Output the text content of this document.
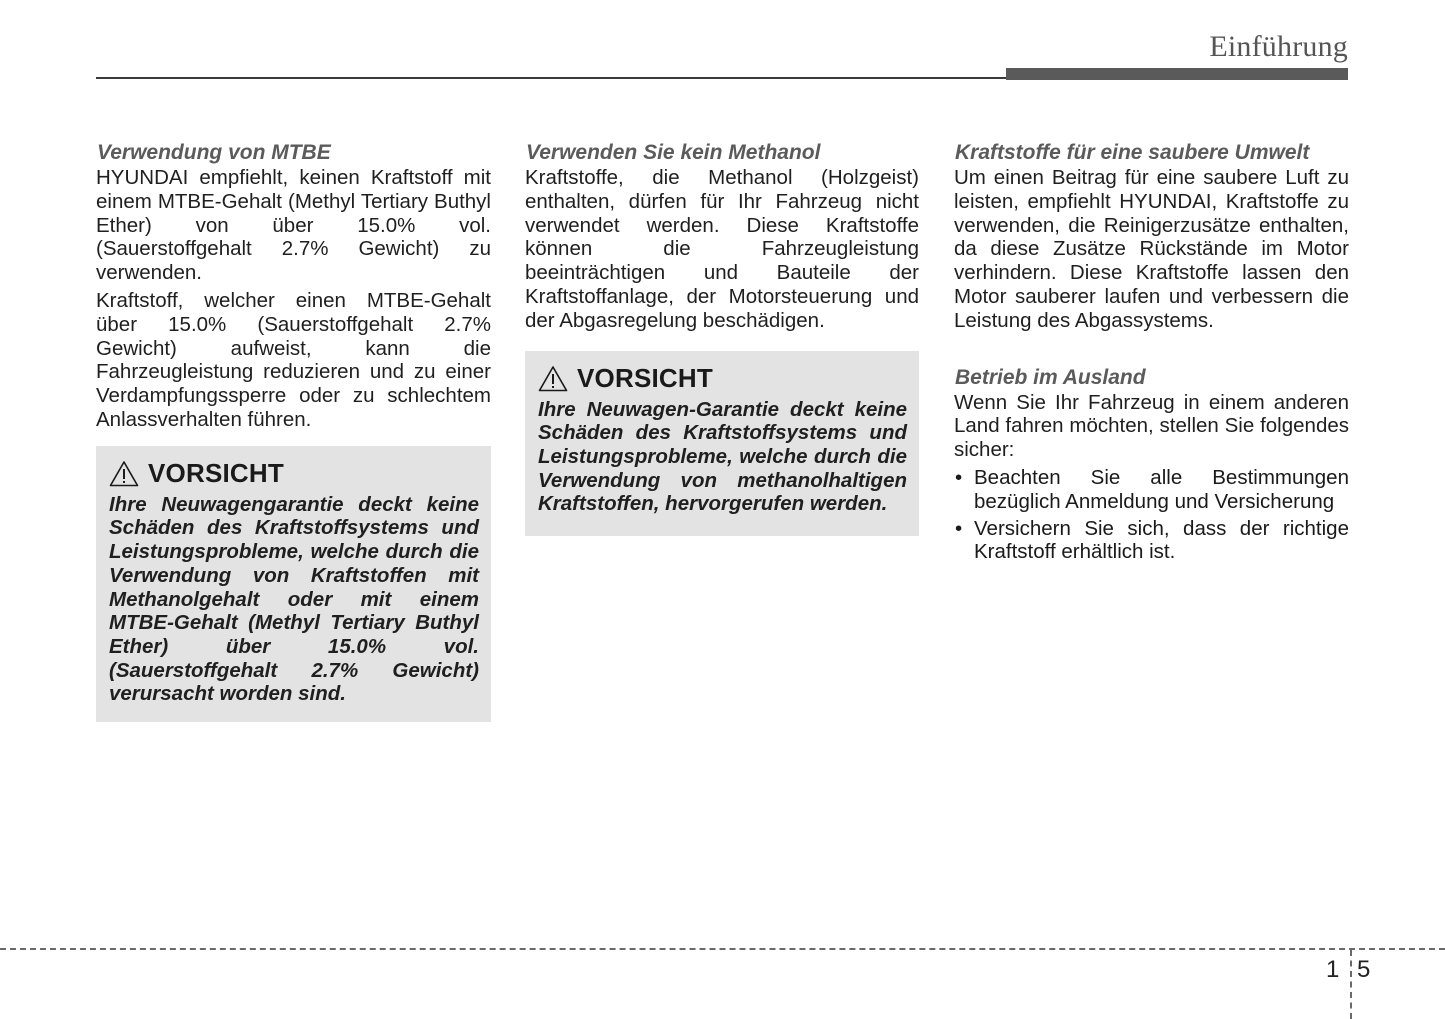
Einführung
Verwendung von MTBE

HYUNDAI empfiehlt, keinen Kraftstoff mit einem MTBE-Gehalt (Methyl Tertiary Buthyl Ether) von über 15.0% vol. (Sauerstoffgehalt 2.7% Gewicht) zu verwenden.

Kraftstoff, welcher einen MTBE-Gehalt über 15.0% (Sauerstoffgehalt 2.7% Gewicht) aufweist, kann die Fahrzeugleistung reduzieren und zu einer Verdampfungssperre oder zu schlechtem Anlassverhalten führen.

VORSICHT
Ihre Neuwagengarantie deckt keine Schäden des Kraftstoffsystems und Leistungsprobleme, welche durch die Verwendung von Kraftstoffen mit Methanolgehalt oder mit einem MTBE-Gehalt (Methyl Tertiary Buthyl Ether) über 15.0% vol. (Sauerstoffgehalt 2.7% Gewicht) verursacht worden sind.
Verwenden Sie kein Methanol

Kraftstoffe, die Methanol (Holzgeist) enthalten, dürfen für Ihr Fahrzeug nicht verwendet werden. Diese Kraftstoffe können die Fahrzeugleistung beeinträchtigen und Bauteile der Kraftstoffanlage, der Motorsteuerung und der Abgasregelung beschädigen.

VORSICHT
Ihre Neuwagen-Garantie deckt keine Schäden des Kraftstoffsystems und Leistungsprobleme, welche durch die Verwendung von methanolhaltigen Kraftstoffen, hervorgerufen werden.
Kraftstoffe für eine saubere Umwelt

Um einen Beitrag für eine saubere Luft zu leisten, empfiehlt HYUNDAI, Kraftstoffe zu verwenden, die Reinigerzusätze enthalten, da diese Zusätze Rückstände im Motor verhindern. Diese Kraftstoffe lassen den Motor sauberer laufen und verbessern die Leistung des Abgassystems.

Betrieb im Ausland

Wenn Sie Ihr Fahrzeug in einem anderen Land fahren möchten, stellen Sie folgendes sicher:

• Beachten Sie alle Bestimmungen bezüglich Anmeldung und Versicherung
• Versichern Sie sich, dass der richtige Kraftstoff erhältlich ist.
1 5
